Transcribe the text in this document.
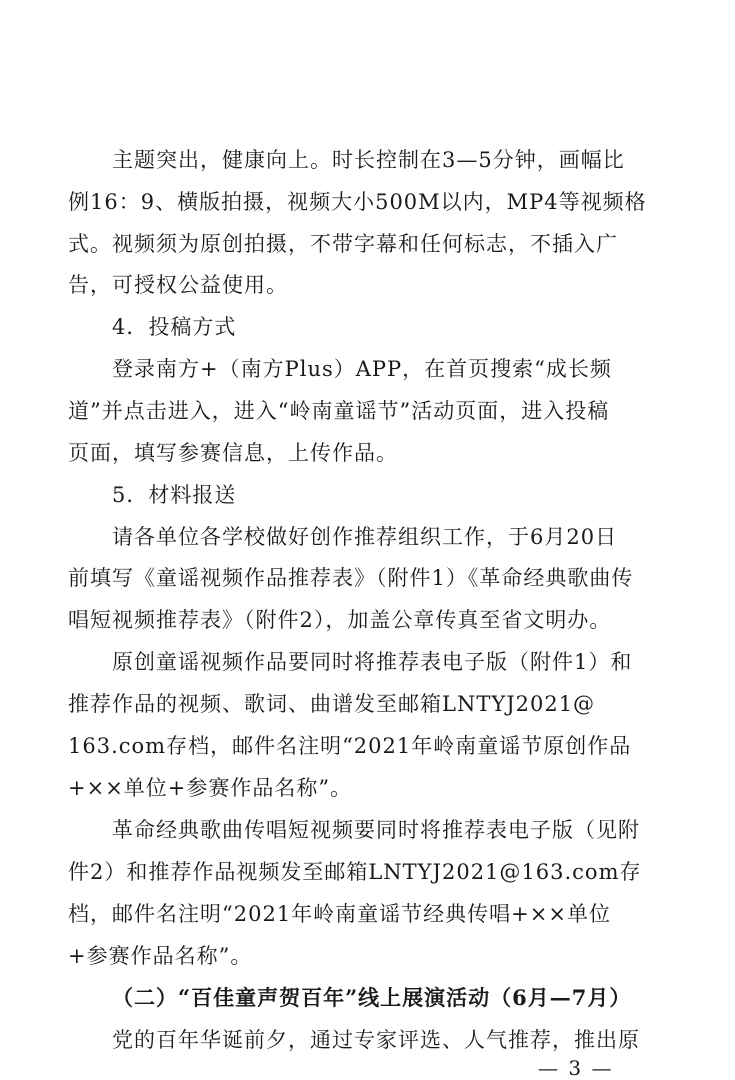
主题突出，健康向上。时长控制在3—5分钟，画幅比
例16：9、横版拍摄，视频大小500M以内，MP4等视频格
式。视频须为原创拍摄，不带字幕和任何标志，不插入广
告，可授权公益使用。
4．投稿方式
登录南方+（南方Plus）APP，在首页搜索“成长频
道”并点击进入，进入“岭南童谣节”活动页面，进入投稿
页面，填写参赛信息，上传作品。
5．材料报送
请各单位各学校做好创作推荐组织工作，于6月20日
前填写《童谣视频作品推荐表》（附件1）《革命经典歌曲传
唱短视频推荐表》（附件2），加盖公章传真至省文明办。
原创童谣视频作品要同时将推荐表电子版（附件1）和
推荐作品的视频、歌词、曲谱发至邮箱LNTYJ2021@
163.com存档，邮件名注明“2021年岭南童谣节原创作品
+××单位+参赛作品名称”。
革命经典歌曲传唱短视频要同时将推荐表电子版（见附
件2）和推荐作品视频发至邮箱LNTYJ2021@163.com存
档，邮件名注明“2021年岭南童谣节经典传唱+××单位
+参赛作品名称”。
（二）“百佳童声贺百年”线上展演活动（6月—7月）
党的百年华诞前夕，通过专家评选、人气推荐，推出原
— 3 —
